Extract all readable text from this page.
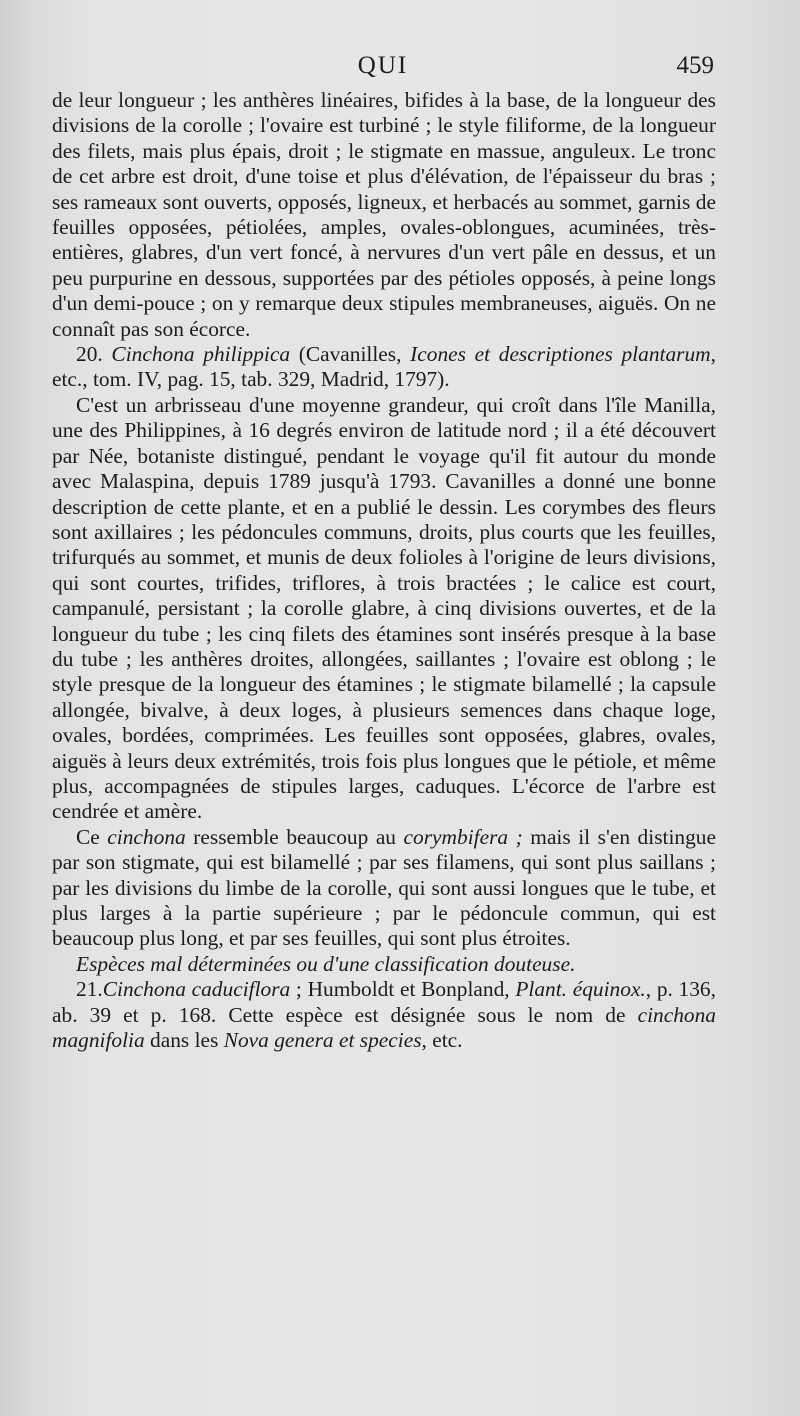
QUI	459

de leur longueur ; les anthères linéaires, bifides à la base, de la longueur des divisions de la corolle ; l'ovaire est turbiné ; le style filiforme, de la longueur des filets, mais plus épais, droit ; le stigmate en massue, anguleux. Le tronc de cet arbre est droit, d'une toise et plus d'élévation, de l'épaisseur du bras ; ses rameaux sont ouverts, opposés, ligneux, et herbacés au sommet, garnis de feuilles opposées, pétiolées, amples, ovales-oblongues, acuminées, très-entières, glabres, d'un vert foncé, à nervures d'un vert pâle en dessus, et un peu purpurine en dessous, supportées par des pétioles opposés, à peine longs d'un demi-pouce ; on y remarque deux stipules membraneuses, aiguës. On ne connaît pas son écorce.

20. Cinchona philippica (Cavanilles, Icones et descriptiones plantarum, etc., tom. IV, pag. 15, tab. 329, Madrid, 1797).

C'est un arbrisseau d'une moyenne grandeur, qui croît dans l'île Manilla, une des Philippines, à 16 degrés environ de latitude nord ; il a été découvert par Née, botaniste distingué, pendant le voyage qu'il fit autour du monde avec Malaspina, depuis 1789 jusqu'à 1793. Cavanilles a donné une bonne description de cette plante, et en a publié le dessin. Les corymbes des fleurs sont axillaires ; les pédoncules communs, droits, plus courts que les feuilles, trifurqués au sommet, et munis de deux folioles à l'origine de leurs divisions, qui sont courtes, trifides, triflores, à trois bractées ; le calice est court, campanulé, persistant ; la corolle glabre, à cinq divisions ouvertes, et de la longueur du tube ; les cinq filets des étamines sont insérés presque à la base du tube ; les anthères droites, allongées, saillantes ; l'ovaire est oblong ; le style presque de la longueur des étamines ; le stigmate bilamellé ; la capsule allongée, bivalve, à deux loges, à plusieurs semences dans chaque loge, ovales, bordées, comprimées. Les feuilles sont opposées, glabres, ovales, aiguës à leurs deux extrémités, trois fois plus longues que le pétiole, et même plus, accompagnées de stipules larges, caduques. L'écorce de l'arbre est cendrée et amère.

Ce cinchona ressemble beaucoup au corymbifera ; mais il s'en distingue par son stigmate, qui est bilamellé ; par ses filamens, qui sont plus saillans ; par les divisions du limbe de la corolle, qui sont aussi longues que le tube, et plus larges à la partie supérieure ; par le pédoncule commun, qui est beaucoup plus long, et par ses feuilles, qui sont plus étroites.

Espèces mal déterminées ou d'une classification douteuse.

21.Cinchona caduciflora ; Humboldt et Bonpland, Plant. équinox., p. 136, ab. 39 et p. 168. Cette espèce est désignée sous le nom de cinchona magnifolia dans les Nova genera et species, etc.
